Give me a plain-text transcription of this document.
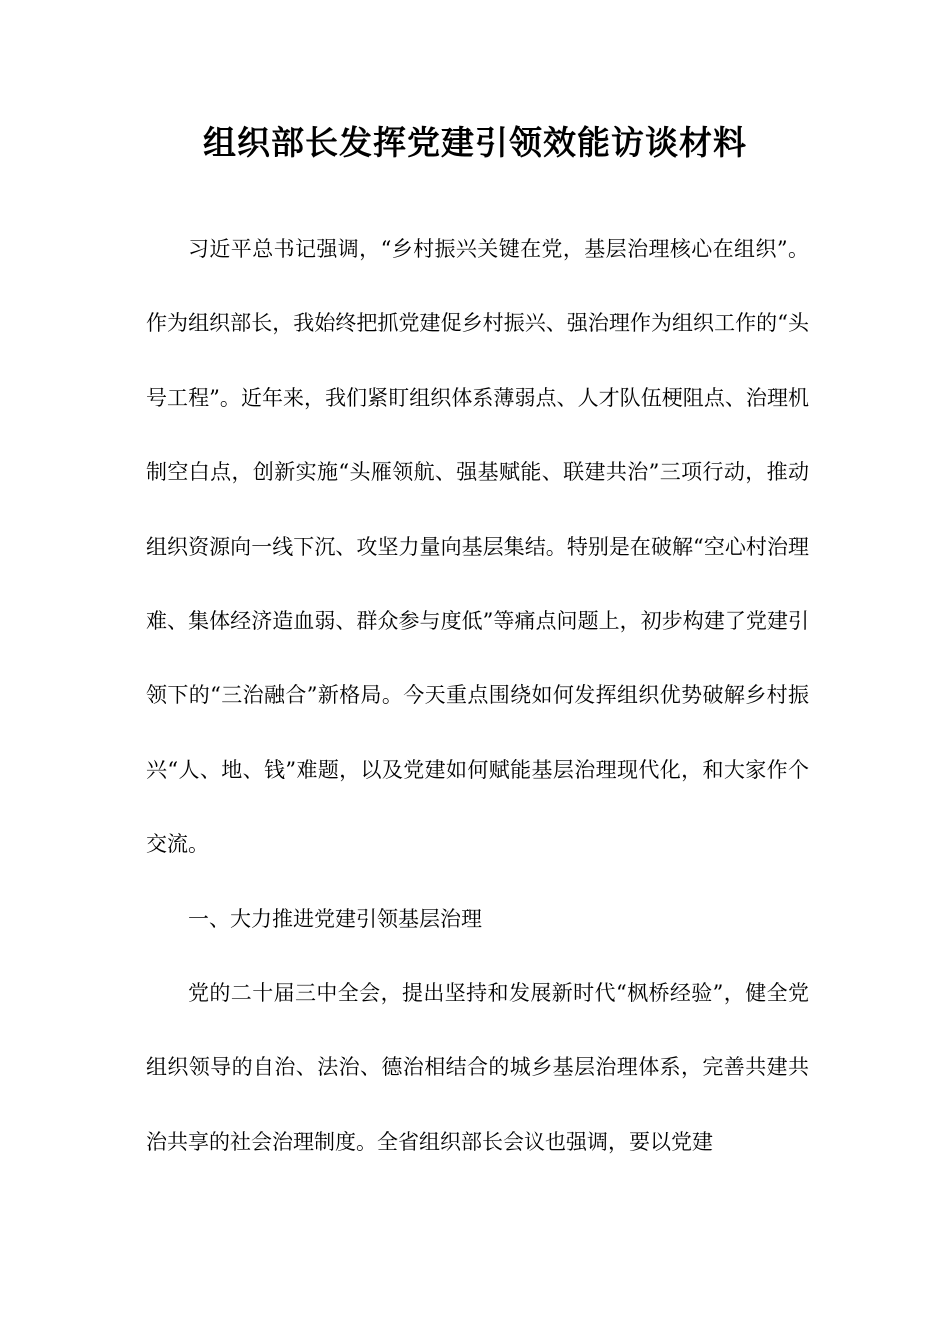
组织部长发挥党建引领效能访谈材料

习近平总书记强调，“乡村振兴关键在党，基层治理核心在组织”。作为组织部长，我始终把抓党建促乡村振兴、强治理作为组织工作的“头号工程”。近年来，我们紧盯组织体系薄弱点、人才队伍梗阻点、治理机制空白点，创新实施“头雁领航、强基赋能、联建共治”三项行动，推动组织资源向一线下沉、攻坚力量向基层集结。特别是在破解“空心村治理难、集体经济造血弱、群众参与度低”等痛点问题上，初步构建了党建引领下的“三治融合”新格局。今天重点围绕如何发挥组织优势破解乡村振兴“人、地、钱”难题，以及党建如何赋能基层治理现代化，和大家作个交流。

一、大力推进党建引领基层治理

党的二十届三中全会，提出坚持和发展新时代“枫桥经验”，健全党组织领导的自治、法治、德治相结合的城乡基层治理体系，完善共建共治共享的社会治理制度。全省组织部长会议也强调，要以党建
